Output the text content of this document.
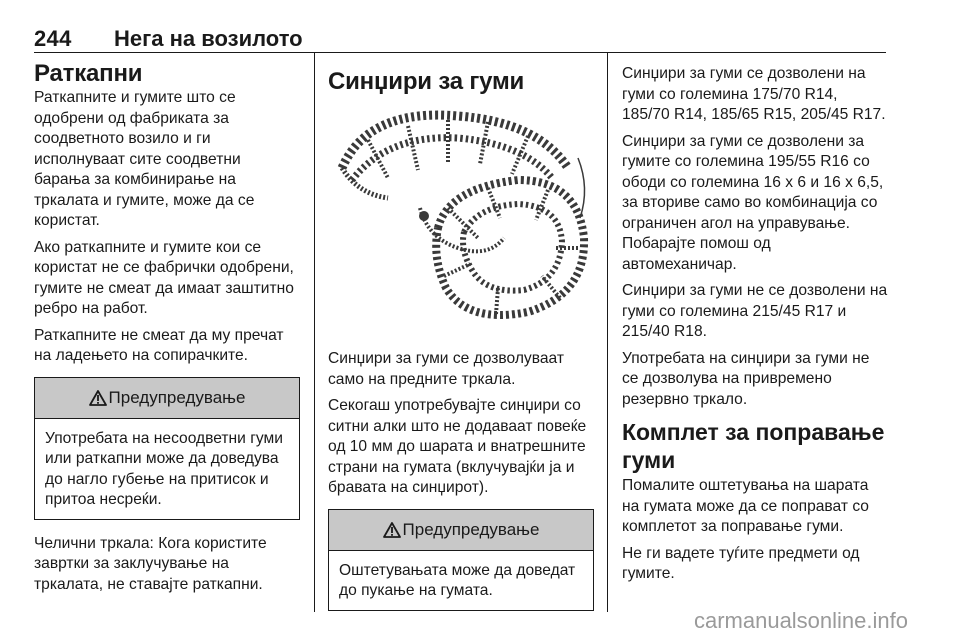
244 Нега на возилото
Раткапни

Раткапните и гумите што се одобрени од фабриката за соодветното возило и ги исполнуваат сите соодветни барања за комбинирање на тркалата и гумите, може да се користат.

Ако раткапните и гумите кои се користат не се фабрички одобрени, гумите не смеат да имаат заштитно ребро на работ.

Раткапните не смеат да му пречат на ладењето на сопирачките.

Предупредување

Употребата на несоодветни гуми или раткапни може да доведува до нагло губење на притисок и притоа несреќи.

Челични тркала: Кога користите завртки за заклучување на тркалата, не ставајте раткапни.

Синџири за гуми

Синџири за гуми се дозволуваат само на предните тркала.

Секогаш употребувајте синџири со ситни алки што не додаваат повеќе од 10 мм до шарата и внатрешните страни на гумата (вклучувајќи ја и бравата на синџирот).

Предупредување

Оштетувањата може да доведат до пукање на гумата.

Синџири за гуми се дозволени на гуми со големина 175/70 R14, 185/70 R14, 185/65 R15, 205/45 R17.

Синџири за гуми се дозволени за гумите со големина 195/55 R16 со ободи со големина 16 x 6 и 16 x 6,5, за вториве само во комбинација со ограничен агол на управување. Побарајте помош од автомеханичар.

Синџири за гуми не се дозволени на гуми со големина 215/45 R17 и 215/40 R18.

Употребата на синџири за гуми не се дозволува на привремено резервно тркало.

Комплет за поправање гуми

Помалите оштетувања на шарата на гумата може да се поправат со комплетот за поправање гуми.

Не ги вадете туѓите предмети од гумите.

carmanualsonline.info
